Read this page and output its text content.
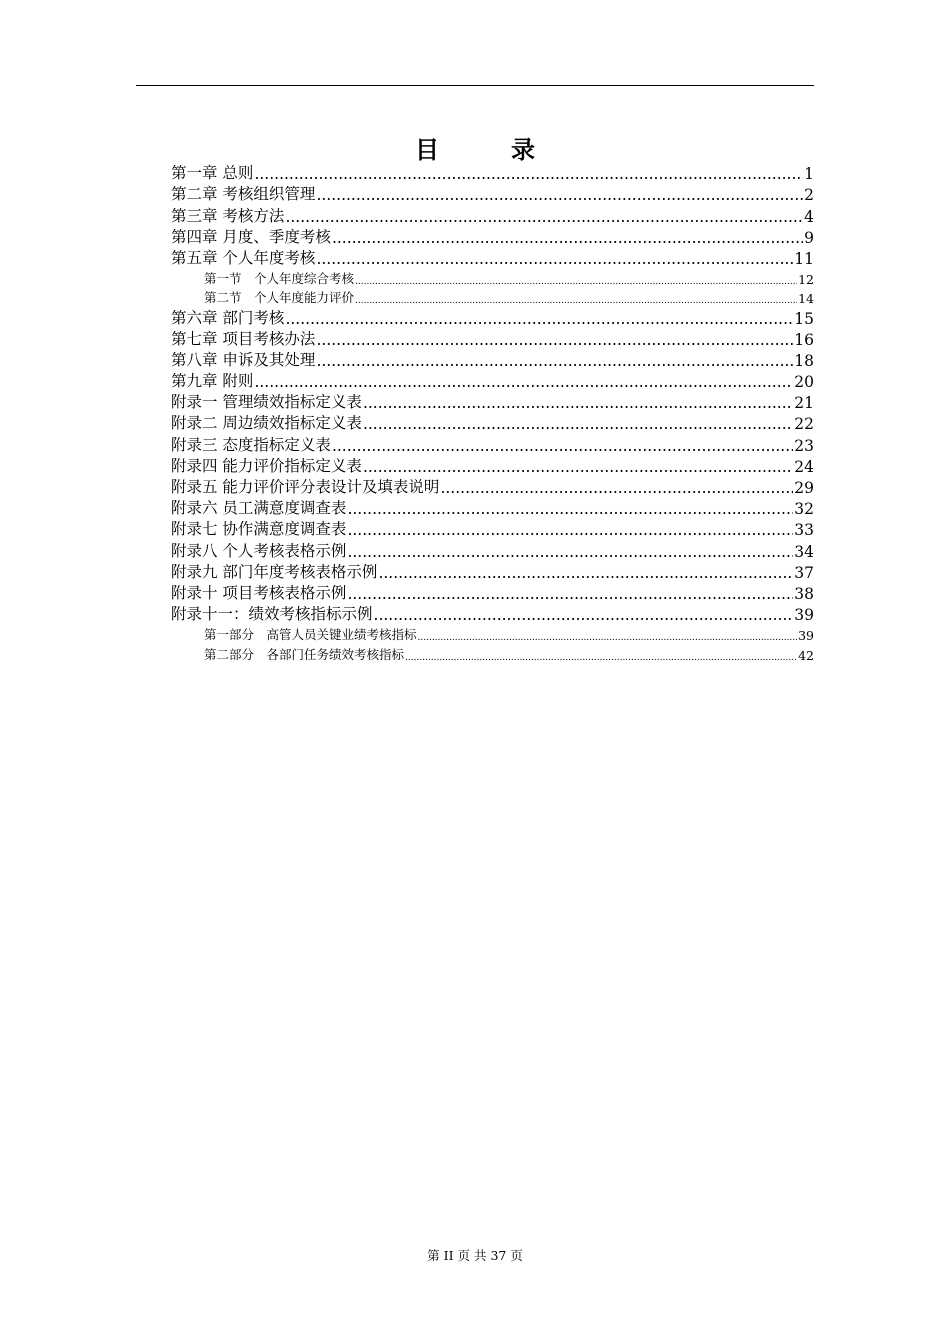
目　录
第一章 总则 .....	1
第二章 考核组织管理 .....	2
第三章 考核方法 .....	4
第四章 月度、季度考核 .....	9
第五章 个人年度考核 .....	11
第一节　个人年度综合考核 .....	12
第二节　个人年度能力评价 .....	14
第六章 部门考核 .....	15
第七章 项目考核办法 .....	16
第八章 申诉及其处理 .....	18
第九章 附则 .....	20
附录一 管理绩效指标定义表 .....	21
附录二 周边绩效指标定义表 .....	22
附录三 态度指标定义表 .....	23
附录四 能力评价指标定义表 .....	24
附录五 能力评价评分表设计及填表说明 .....	29
附录六 员工满意度调查表 .....	32
附录七 协作满意度调查表 .....	33
附录八 个人考核表格示例 .....	34
附录九 部门年度考核表格示例 .....	37
附录十 项目考核表格示例 .....	38
附录十一：绩效考核指标示例 .....	39
第一部分　高管人员关键业绩考核指标 .....	39
第二部分　各部门任务绩效考核指标 .....	42
第 II 页 共 37 页
